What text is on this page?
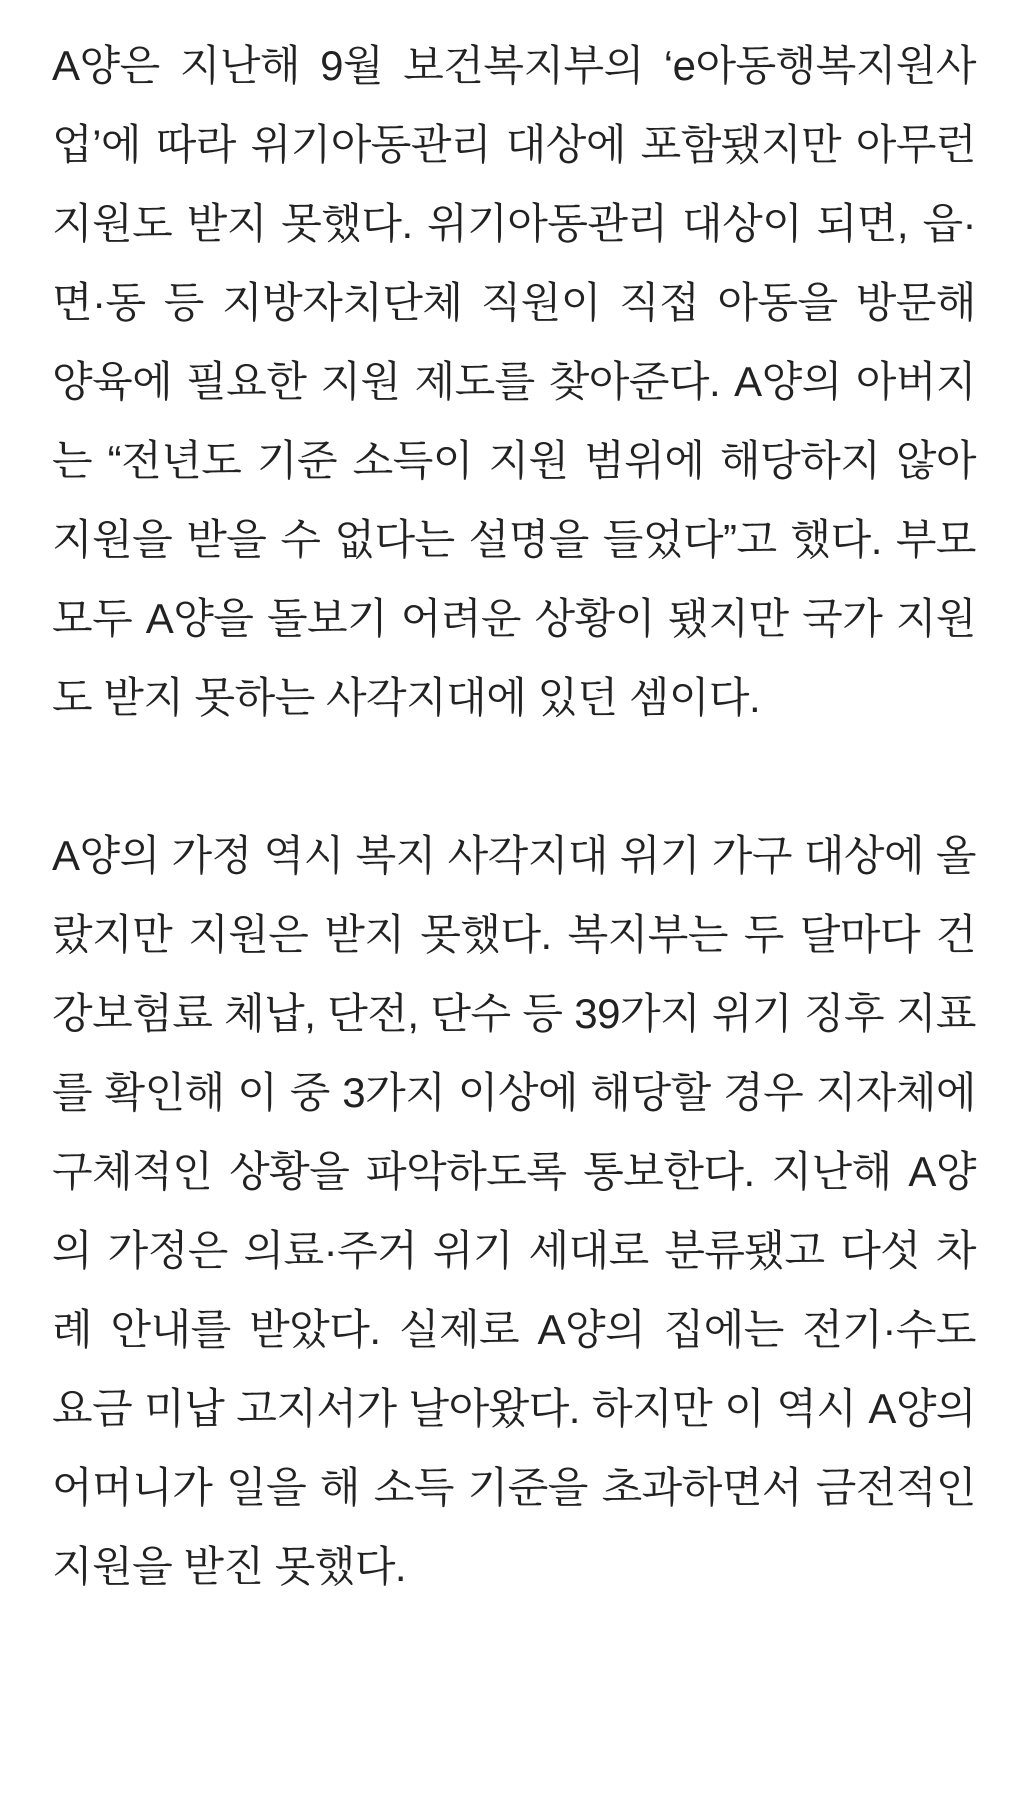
A양은 지난해 9월 보건복지부의 ‘e아동행복지원사업’에 따라 위기아동관리 대상에 포함됐지만 아무런 지원도 받지 못했다. 위기아동관리 대상이 되면, 읍·면·동 등 지방자치단체 직원이 직접 아동을 방문해 양육에 필요한 지원 제도를 찾아준다. A양의 아버지는 “전년도 기준 소득이 지원 범위에 해당하지 않아 지원을 받을 수 없다는 설명을 들었다”고 했다. 부모 모두 A양을 돌보기 어려운 상황이 됐지만 국가 지원도 받지 못하는 사각지대에 있던 셈이다.

A양의 가정 역시 복지 사각지대 위기 가구 대상에 올랐지만 지원은 받지 못했다. 복지부는 두 달마다 건강보험료 체납, 단전, 단수 등 39가지 위기 징후 지표를 확인해 이 중 3가지 이상에 해당할 경우 지자체에 구체적인 상황을 파악하도록 통보한다. 지난해 A양의 가정은 의료·주거 위기 세대로 분류됐고 다섯 차례 안내를 받았다. 실제로 A양의 집에는 전기·수도 요금 미납 고지서가 날아왔다. 하지만 이 역시 A양의 어머니가 일을 해 소득 기준을 초과하면서 금전적인 지원을 받진 못했다.
